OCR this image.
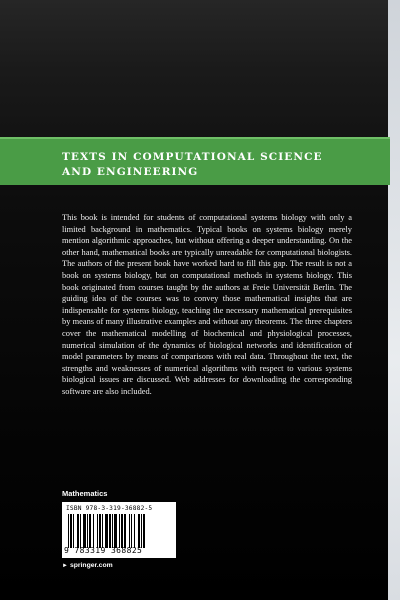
TEXTS IN COMPUTATIONAL SCIENCE
AND ENGINEERING

This book is intended for students of computational systems biology with only a limited background in mathematics. Typical books on systems biology merely mention algorithmic approaches, but without offering a deeper understanding. On the other hand, mathematical books are typically unreadable for computational biologists. The authors of the present book have worked hard to fill this gap. The result is not a book on systems biology, but on computational methods in systems biology. This book originated from courses taught by the authors at Freie Universität Berlin. The guiding idea of the courses was to convey those mathematical insights that are indispensable for systems biology, teaching the necessary mathematical prerequisites by means of many illustrative examples and without any theorems. The three chapters cover the mathematical modelling of biochemical and physiological processes, numerical simulation of the dynamics of biological networks and identification of model parameters by means of comparisons with real data. Throughout the text, the strengths and weaknesses of numerical algorithms with respect to various systems biological issues are discussed. Web addresses for downloading the corresponding software are also included.

Mathematics
ISBN 978-3-319-36882-5
9 783319 368825
► springer.com
